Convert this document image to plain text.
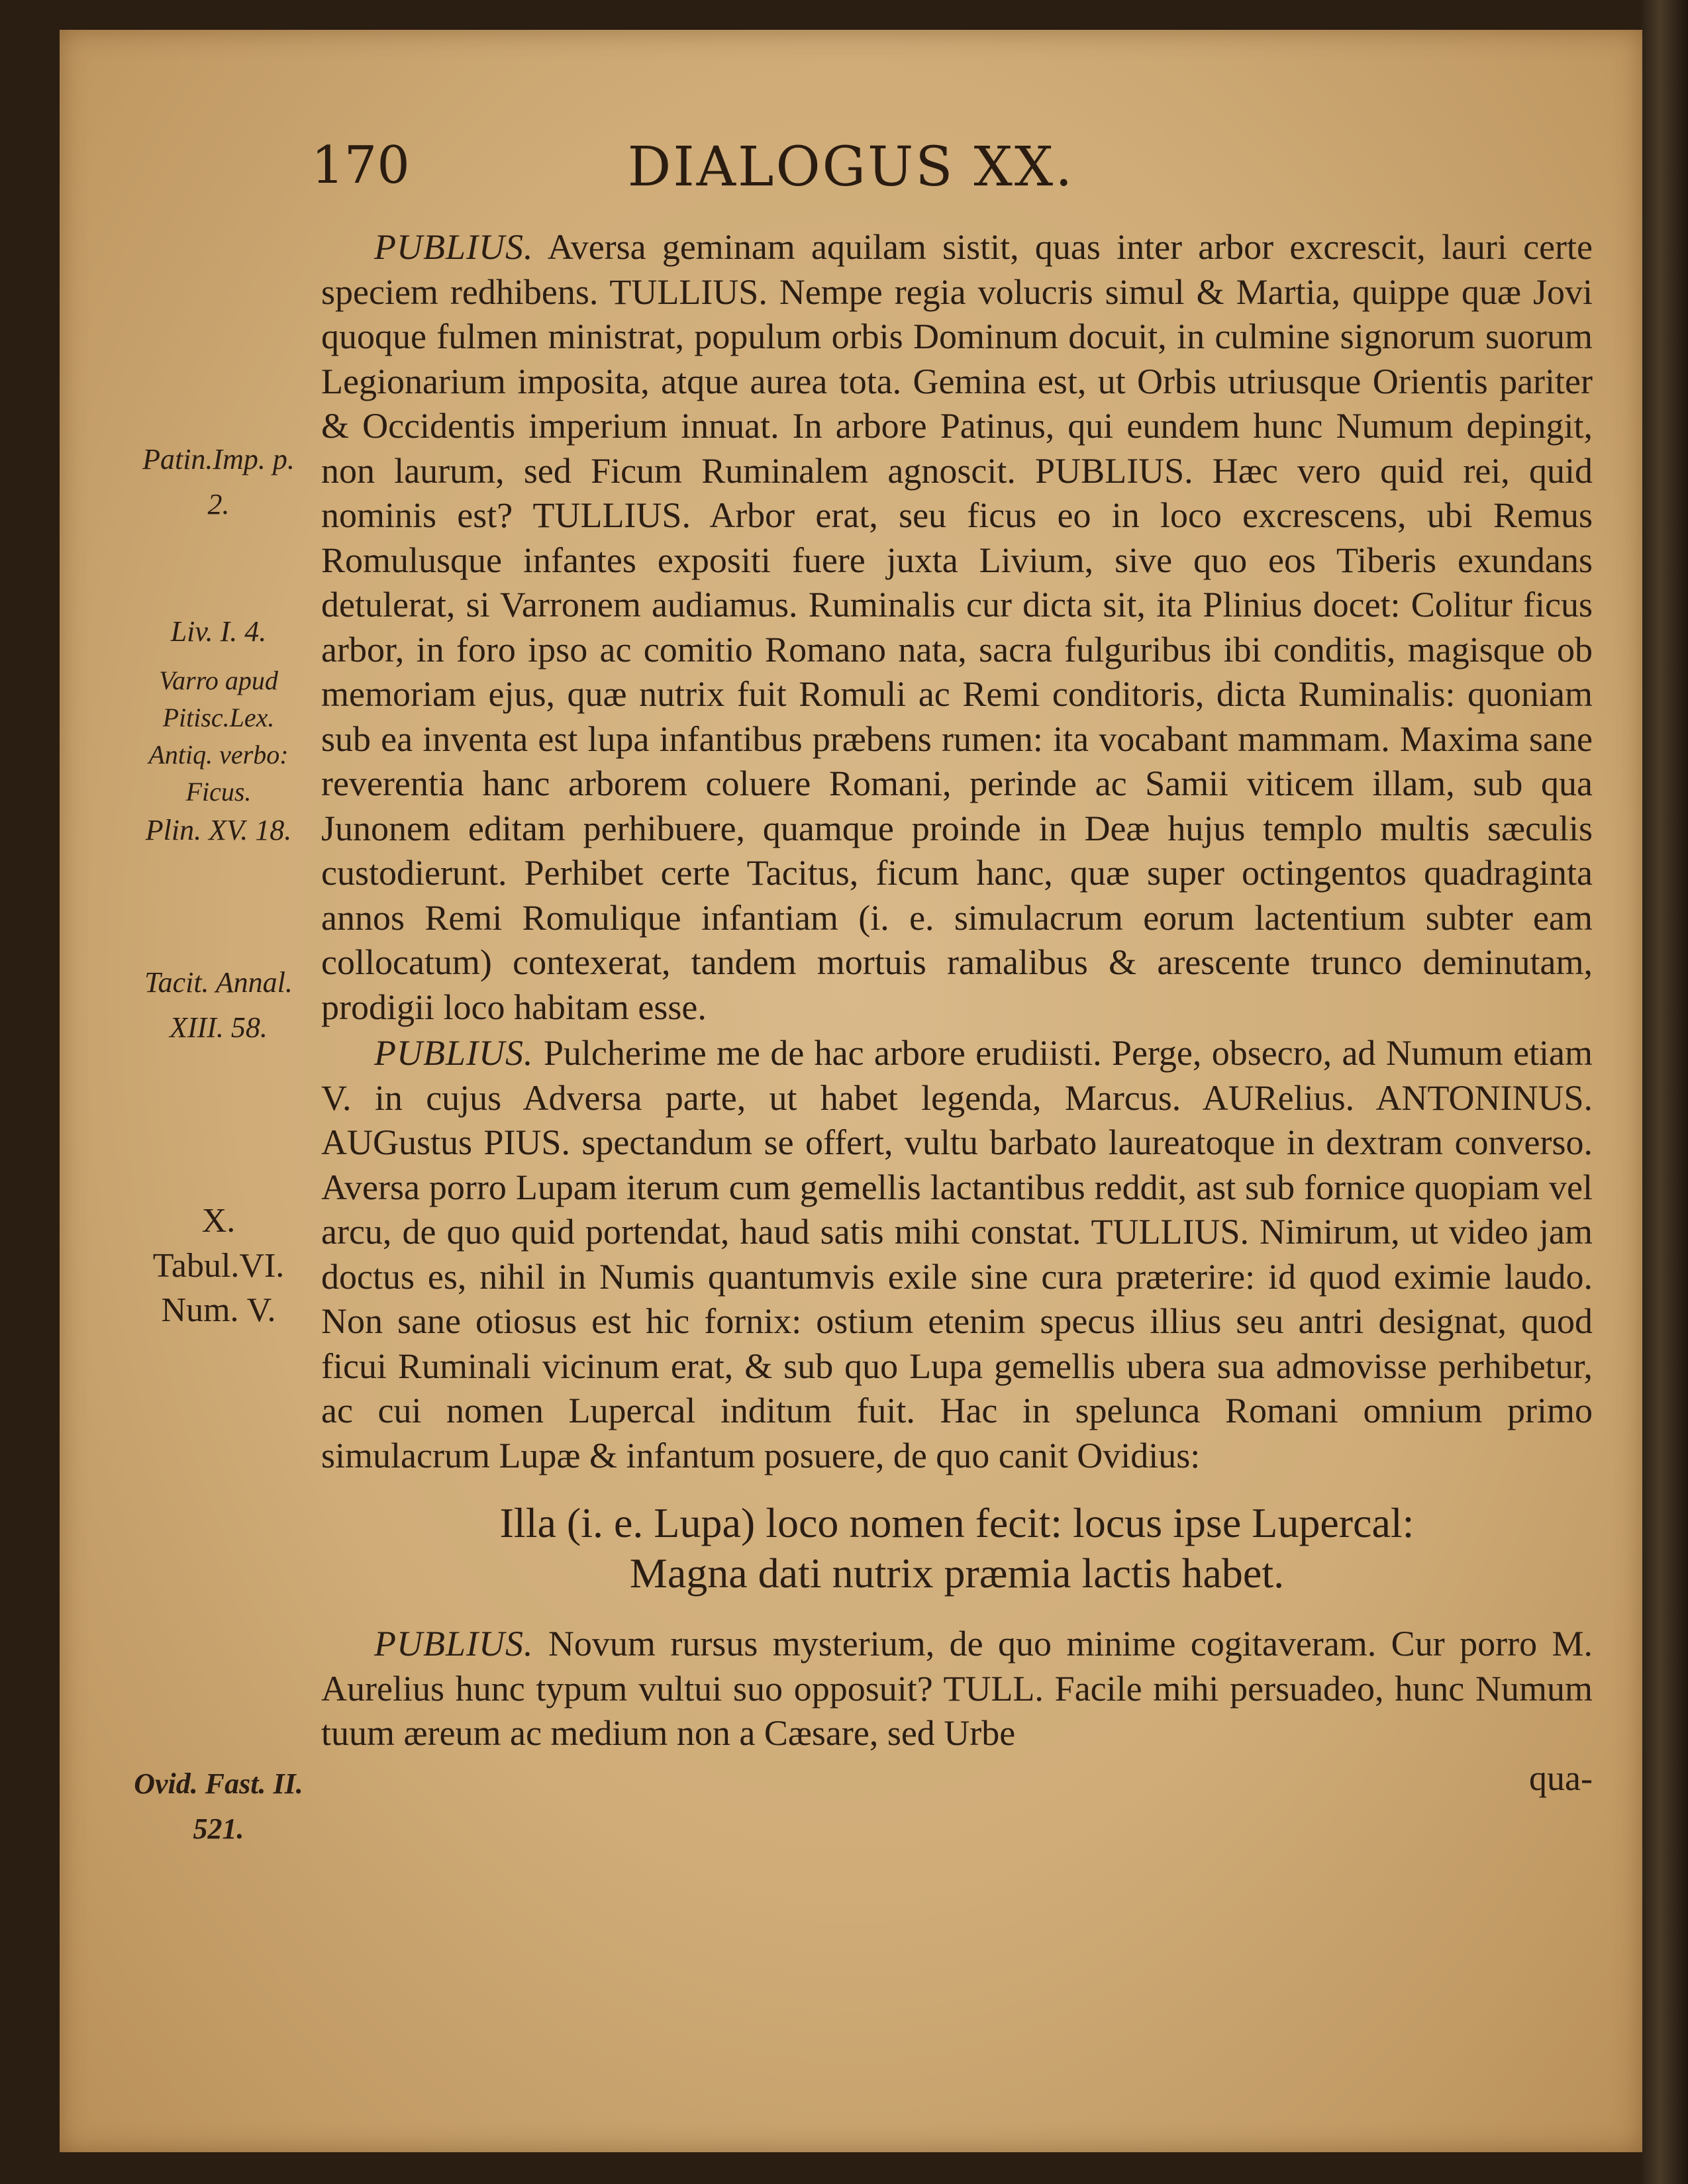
170	DIALOGUS XX.
Patin.Imp. p. 2.
Liv. I. 4.
Varro apud Pitisc.Lex. Antiq. verbo: Ficus.
Plin. XV. 18.
Tacit. Annal. XIII. 58.
X. Tabul.VI. Num. V.
Ovid. Fast. II. 521.

PUBLIUS. Aversa geminam aquilam sistit, quas inter arbor excrescit, lauri certe speciem redhibens. TULLIUS. Nempe regia volucris simul & Martia, quippe quæ Jovi quoque fulmen ministrat, populum orbis Dominum docuit, in culmine signorum suorum Legionarium imposita, atque aurea tota. Gemina est, ut Orbis utriusque Orientis pariter & Occidentis imperium innuat. In arbore Patinus, qui eundem hunc Numum depingit, non laurum, sed Ficum Ruminalem agnoscit. PUBLIUS. Hæc vero quid rei, quid nominis est? TULLIUS. Arbor erat, seu ficus eo in loco excrescens, ubi Remus Romulusque infantes expositi fuere juxta Livium, sive quo eos Tiberis exundans detulerat, si Varronem audiamus. Ruminalis cur dicta sit, ita Plinius docet: Colitur ficus arbor, in foro ipso ac comitio Romano nata, sacra fulguribus ibi conditis, magisque ob memoriam ejus, quæ nutrix fuit Romuli ac Remi conditoris, dicta Ruminalis: quoniam sub ea inventa est lupa infantibus præbens rumen: ita vocabant mammam. Maxima sane reverentia hanc arborem coluere Romani, perinde ac Samii viticem illam, sub qua Junonem editam perhibuere, quamque proinde in Deæ hujus templo multis sæculis custodierunt. Perhibet certe Tacitus, ficum hanc, quæ super octingentos quadraginta annos Remi Romulique infantiam (i. e. simulacrum eorum lactentium subter eam collocatum) contexerat, tandem mortuis ramalibus & arescente trunco deminutam, prodigii loco habitam esse.

PUBLIUS. Pulcherime me de hac arbore erudiisti. Perge, obsecro, ad Numum etiam V. in cujus Adversa parte, ut habet legenda, Marcus. AURelius. ANTONINUS. AUGustus PIUS. spectandum se offert, vultu barbato laureatoque in dextram converso. Aversa porro Lupam iterum cum gemellis lactantibus reddit, ast sub fornice quopiam vel arcu, de quo quid portendat, haud satis mihi constat. TULLIUS. Nimirum, ut video jam doctus es, nihil in Numis quantumvis exile sine cura præterire: id quod eximie laudo. Non sane otiosus est hic fornix: ostium etenim specus illius seu antri designat, quod ficui Ruminali vicinum erat, & sub quo Lupa gemellis ubera sua admovisse perhibetur, ac cui nomen Lupercal inditum fuit. Hac in spelunca Romani omnium primo simulacrum Lupæ & infantum posuere, de quo canit Ovidius:

Illa (i. e. Lupa) loco nomen fecit: locus ipse Lupercal:
Magna dati nutrix præmia lactis habet.

PUBLIUS. Novum rursus mysterium, de quo minime cogitaveram. Cur porro M. Aurelius hunc typum vultui suo opposuit? TULL. Facile mihi persuadeo, hunc Numum tuum æreum ac medium non a Cæsare, sed Urbe

qua-
